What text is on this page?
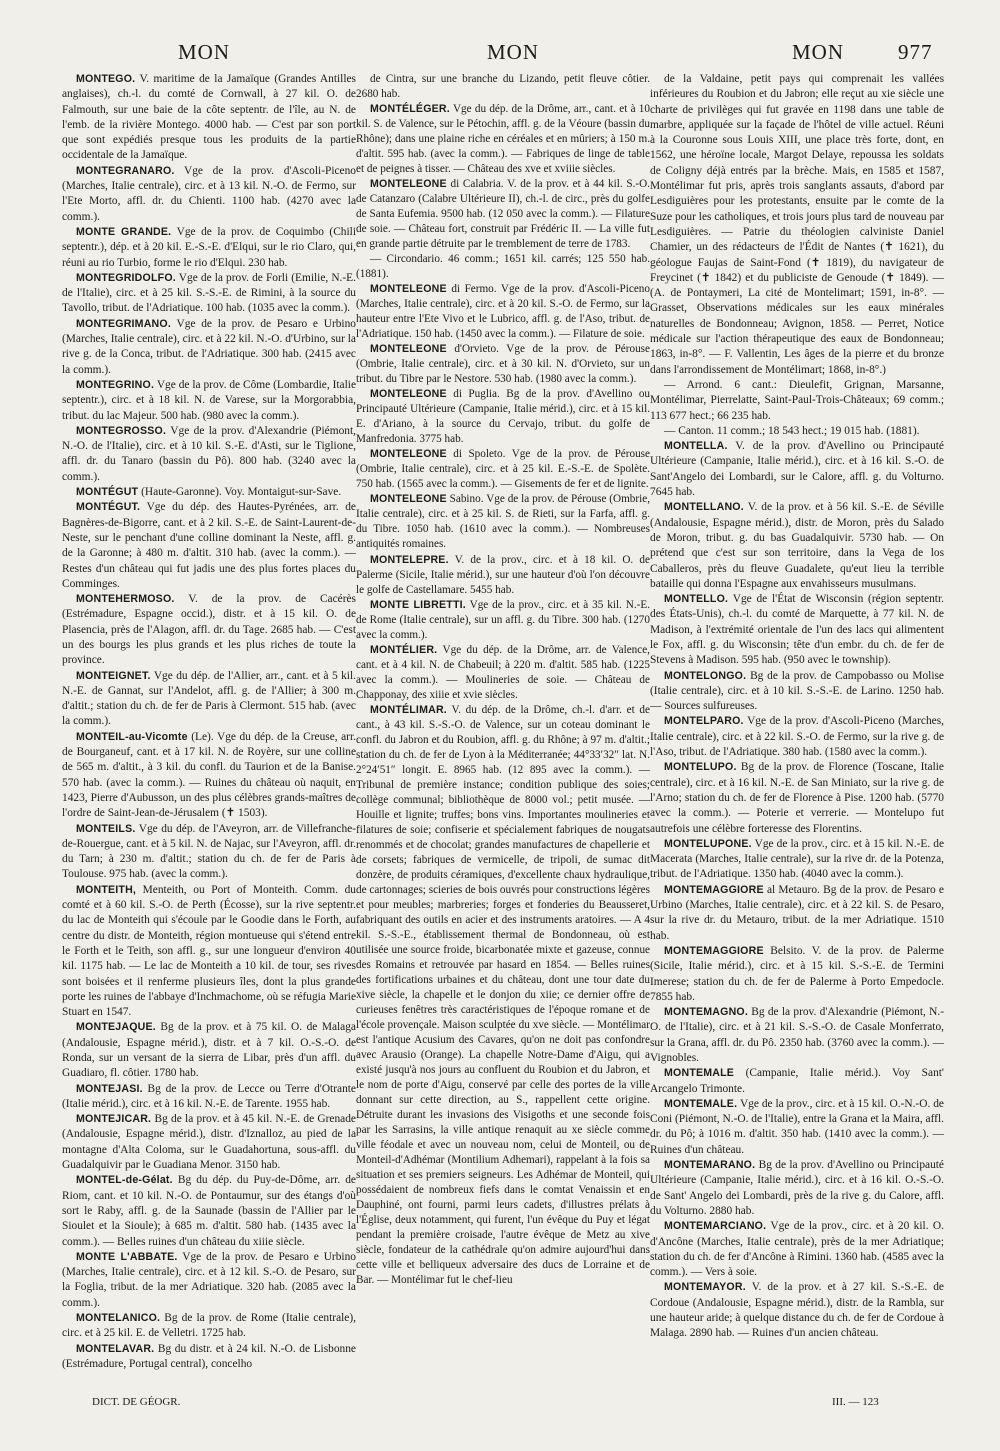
MON	MON	MON	977

MONTEGO. V. maritime de la Jamaïque (Grandes Antilles anglaises), ch.-l. du comté de Cornwall, à 27 kil. O. de Falmouth, sur une baie de la côte septentr. de l'île, au N. de l'emb. de la rivière Montego. 4000 hab. — C'est par son port que sont expédiés presque tous les produits de la partie occidentale de la Jamaïque.

MONTEGRANARO. Vge de la prov. d'Ascoli-Piceno (Marches, Italie centrale), circ. et à 13 kil. N.-O. de Fermo, sur l'Ete Morto, affl. dr. du Chienti. 1100 hab. (4270 avec la comm.).

MONTE GRANDE. Vge de la prov. de Coquimbo (Chili septentr.), dép. et à 20 kil. E.-S.-E. d'Elqui, sur le rio Claro, qui, réuni au rio Turbio, forme le rio d'Elqui. 230 hab.

MONTEGRIDOLFO. Vge de la prov. de Forli (Emilie, N.-E. de l'Italie), circ. et à 25 kil. S.-S.-E. de Rimini, à la source du Tavollo, tribut. de l'Adriatique. 100 hab. (1035 avec la comm.).

MONTEGRIMANO. Vge de la prov. de Pesaro e Urbino (Marches, Italie centrale), circ. et à 22 kil. N.-O. d'Urbino, sur la rive g. de la Conca, tribut. de l'Adriatique. 300 hab. (2415 avec la comm.).

MONTEGRINO. Vge de la prov. de Côme (Lombardie, Italie septentr.), circ. et à 18 kil. N. de Varese, sur la Morgorabbia, tribut. du lac Majeur. 500 hab. (980 avec la comm.).

MONTEGROSSO. Vge de la prov. d'Alexandrie (Piémont, N.-O. de l'Italie), circ. et à 10 kil. S.-E. d'Asti, sur le Tiglione, affl. dr. du Tanaro (bassin du Pô). 800 hab. (3240 avec la comm.).

MONTÉGUT (Haute-Garonne). Voy. Montaigut-sur-Save.

MONTÉGUT. Vge du dép. des Hautes-Pyrénées, arr. de Bagnères-de-Bigorre, cant. et à 2 kil. S.-E. de Saint-Laurent-de-Neste, sur le penchant d'une colline dominant la Neste, affl. g. de la Garonne; à 480 m. d'altit. 310 hab. (avec la comm.). — Restes d'un château qui fut jadis une des plus fortes places du Comminges.

MONTEHERMOSO. V. de la prov. de Cacérès (Estrémadure, Espagne occid.), distr. et à 15 kil. O. de Plasencia, près de l'Alagon, affl. dr. du Tage. 2685 hab. — C'est un des bourgs les plus grands et les plus riches de toute la province.

MONTEIGNET. Vge du dép. de l'Allier, arr., cant. et à 5 kil. N.-E. de Gannat, sur l'Andelot, affl. g. de l'Allier; à 300 m. d'altit.; station du ch. de fer de Paris à Clermont. 515 hab. (avec la comm.).

MONTEIL-au-Vicomte (Le). Vge du dép. de la Creuse, arr. de Bourganeuf, cant. et à 17 kil. N. de Royère, sur une colline de 565 m. d'altit., à 3 kil. du confl. du Taurion et de la Banise. 570 hab. (avec la comm.). — Ruines du château où naquit, en 1423, Pierre d'Aubusson, un des plus célèbres grands-maîtres de l'ordre de Saint-Jean-de-Jérusalem (✝ 1503).

MONTEILS. Vge du dép. de l'Aveyron, arr. de Villefranche-de-Rouergue, cant. et à 5 kil. N. de Najac, sur l'Aveyron, affl. dr. du Tarn; à 230 m. d'altit.; station du ch. de fer de Paris à Toulouse. 975 hab. (avec la comm.).

MONTEITH, Menteith, ou Port of Monteith. Comm. du comté et à 60 kil. S.-O. de Perth (Écosse), sur la rive septentr. du lac de Monteith qui s'écoule par le Goodie dans le Forth, au centre du distr. de Monteith, région montueuse qui s'étend entre le Forth et le Teith, son affl. g., sur une longueur d'environ 40 kil. 1175 hab. — Le lac de Monteith a 10 kil. de tour, ses rives sont boisées et il renferme plusieurs îles, dont la plus grande porte les ruines de l'abbaye d'Inchmachome, où se réfugia Marie Stuart en 1547.

MONTEJAQUE. Bg de la prov. et à 75 kil. O. de Malaga (Andalousie, Espagne mérid.), distr. et à 7 kil. O.-S.-O. de Ronda, sur un versant de la sierra de Libar, près d'un affl. du Guadiaro, fl. côtier. 1780 hab.

MONTEJASI. Bg de la prov. de Lecce ou Terre d'Otrante (Italie mérid.), circ. et à 16 kil. N.-E. de Tarente. 1955 hab.

MONTEJICAR. Bg de la prov. et à 45 kil. N.-E. de Grenade (Andalousie, Espagne mérid.), distr. d'Iznalloz, au pied de la montagne d'Alta Coloma, sur le Guadahortuna, sous-affl. du Guadalquivir par le Guadiana Menor. 3150 hab.

MONTEL-de-Gélat. Bg du dép. du Puy-de-Dôme, arr. de Riom, cant. et 10 kil. N.-O. de Pontaumur, sur des étangs d'où sort le Raby, affl. g. de la Saunade (bassin de l'Allier par le Sioulet et la Sioule); à 685 m. d'altit. 580 hab. (1435 avec la comm.). — Belles ruines d'un château du xiiie siècle.

MONTE L'ABBATE. Vge de la prov. de Pesaro e Urbino (Marches, Italie centrale), circ. et à 12 kil. S.-O. de Pesaro, sur la Foglia, tribut. de la mer Adriatique. 320 hab. (2085 avec la comm.).

MONTELANICO. Bg de la prov. de Rome (Italie centrale), circ. et à 25 kil. E. de Velletri. 1725 hab.

MONTELAVAR. Bg du distr. et à 24 kil. N.-O. de Lisbonne (Estrémadure, Portugal central), concelho

de Cintra, sur une branche du Lizando, petit fleuve côtier. 2680 hab.

MONTÉLÉGER. Vge du dép. de la Drôme, arr., cant. et à 10 kil. S. de Valence, sur le Pétochin, affl. g. de la Véoure (bassin du Rhône); dans une plaine riche en céréales et en mûriers; à 150 m. d'altit. 595 hab. (avec la comm.). — Fabriques de linge de table et de peignes à tisser. — Château des xve et xviiie siècles.

MONTELEONE di Calabria. V. de la prov. et à 44 kil. S.-O. de Catanzaro (Calabre Ultérieure II), ch.-l. de circ., près du golfe de Santa Eufemia. 9500 hab. (12 050 avec la comm.). — Filature de soie. — Château fort, construit par Frédéric II. — La ville fut en grande partie détruite par le tremblement de terre de 1783.

— Circondario. 46 comm.; 1651 kil. carrés; 125 550 hab. (1881).

MONTELEONE di Fermo. Vge de la prov. d'Ascoli-Piceno (Marches, Italie centrale), circ. et à 20 kil. S.-O. de Fermo, sur la hauteur entre l'Ete Vivo et le Lubrico, affl. g. de l'Aso, tribut. de l'Adriatique. 150 hab. (1450 avec la comm.). — Filature de soie.

MONTELEONE d'Orvieto. Vge de la prov. de Pérouse (Ombrie, Italie centrale), circ. et à 30 kil. N. d'Orvieto, sur un tribut. du Tibre par le Nestore. 530 hab. (1980 avec la comm.).

MONTELEONE di Puglia. Bg de la prov. d'Avellino ou Principauté Ultérieure (Campanie, Italie mérid.), circ. et à 15 kil. E. d'Ariano, à la source du Cervajo, tribut. du golfe de Manfredonia. 3775 hab.

MONTELEONE di Spoleto. Vge de la prov. de Pérouse (Ombrie, Italie centrale), circ. et à 25 kil. E.-S.-E. de Spolète. 750 hab. (1565 avec la comm.). — Gisements de fer et de lignite.

MONTELEONE Sabino. Vge de la prov. de Pérouse (Ombrie, Italie centrale), circ. et à 25 kil. S. de Rieti, sur la Farfa, affl. g. du Tibre. 1050 hab. (1610 avec la comm.). — Nombreuses antiquités romaines.

MONTELEPRE. V. de la prov., circ. et à 18 kil. O. de Palerme (Sicile, Italie mérid.), sur une hauteur d'où l'on découvre le golfe de Castellamare. 5455 hab.

MONTE LIBRETTI. Vge de la prov., circ. et à 35 kil. N.-E. de Rome (Italie centrale), sur un affl. g. du Tibre. 300 hab. (1270 avec la comm.).

MONTÉLIER. Vge du dép. de la Drôme, arr. de Valence, cant. et à 4 kil. N. de Chabeuil; à 220 m. d'altit. 585 hab. (1225 avec la comm.). — Moulineries de soie. — Château de Chapponay, des xiiie et xvie siècles.

MONTÉLIMAR. V. du dép. de la Drôme, ch.-l. d'arr. et de cant., à 43 kil. S.-S.-O. de Valence, sur un coteau dominant le confl. du Jabron et du Roubion, affl. g. du Rhône; à 97 m. d'altit.; station du ch. de fer de Lyon à la Méditerranée; 44°33′32″ lat. N. 2°24′51″ longit. E. 8965 hab. (12 895 avec la comm.). — Tribunal de première instance; condition publique des soies; collège communal; bibliothèque de 8000 vol.; petit musée. — Houille et lignite; truffes; bons vins. Importantes moulineries et filatures de soie; confiserie et spécialement fabriques de nougats renommés et de chocolat; grandes manufactures de chapellerie et de corsets; fabriques de vermicelle, de tripoli, de sumac dit donzère, de produits céramiques, d'excellente chaux hydraulique, de cartonnages; scieries de bois ouvrés pour constructions légères et pour meubles; marbreries; forges et fonderies du Beausseret, fabriquant des outils en acier et des instruments aratoires. — A 4 kil. S.-S.-E., établissement thermal de Bondonneau, où est utilisée une source froide, bicarbonatée mixte et gazeuse, connue des Romains et retrouvée par hasard en 1854. — Belles ruines des fortifications urbaines et du château, dont une tour date du xive siècle, la chapelle et le donjon du xiie; ce dernier offre de curieuses fenêtres très caractéristiques de l'époque romane et de l'école provençale. Maison sculptée du xve siècle. — Montélimar est l'antique Acusium des Cavares, qu'on ne doit pas confondre avec Arausio (Orange). La chapelle Notre-Dame d'Aigu, qui a existé jusqu'à nos jours au confluent du Roubion et du Jabron, et le nom de porte d'Aigu, conservé par celle des portes de la ville donnant sur cette direction, au S., rappellent cette origine. Détruite durant les invasions des Visigoths et une seconde fois par les Sarrasins, la ville antique renaquit au xe siècle comme ville féodale et avec un nouveau nom, celui de Monteil, ou de Monteil-d'Adhémar (Montilium Adhemari), rappelant à la fois sa situation et ses premiers seigneurs. Les Adhémar de Monteil, qui possédaient de nombreux fiefs dans le comtat Venaissin et en Dauphiné, ont fourni, parmi leurs cadets, d'illustres prélats à l'Église, deux notamment, qui furent, l'un évêque du Puy et légat pendant la première croisade, l'autre évêque de Metz au xive siècle, fondateur de la cathédrale qu'on admire aujourd'hui dans cette ville et belliqueux adversaire des ducs de Lorraine et de Bar. — Montélimar fut le chef-lieu

de la Valdaine, petit pays qui comprenait les vallées inférieures du Roubion et du Jabron; elle reçut au xie siècle une charte de privilèges qui fut gravée en 1198 dans une table de marbre, appliquée sur la façade de l'hôtel de ville actuel. Réuni à la Couronne sous Louis XIII, une place très forte, dont, en 1562, une héroïne locale, Margot Delaye, repoussa les soldats de Coligny déjà entrés par la brèche. Mais, en 1585 et 1587, Montélimar fut pris, après trois sanglants assauts, d'abord par Lesdiguières pour les protestants, ensuite par le comte de la Suze pour les catholiques, et trois jours plus tard de nouveau par Lesdiguières. — Patrie du théologien calviniste Daniel Chamier, un des rédacteurs de l'Édit de Nantes (✝ 1621), du géologue Faujas de Saint-Fond (✝ 1819), du navigateur de Freycinet (✝ 1842) et du publiciste de Genoude (✝ 1849). — (A. de Pontaymeri, La cité de Montelimart; 1591, in-8°. — Grasset, Observations médicales sur les eaux minérales naturelles de Bondonneau; Avignon, 1858. — Perret, Notice médicale sur l'action thérapeutique des eaux de Bondonneau; 1863, in-8°. — F. Vallentin, Les âges de la pierre et du bronze dans l'arrondissement de Montélimart; 1868, in-8°.)

— Arrond. 6 cant.: Dieulefit, Grignan, Marsanne, Montélimar, Pierrelatte, Saint-Paul-Trois-Châteaux; 69 comm.; 113 677 hect.; 66 235 hab.

— Canton. 11 comm.; 18 543 hect.; 19 015 hab. (1881).

MONTELLA. V. de la prov. d'Avellino ou Principauté Ultérieure (Campanie, Italie mérid.), circ. et à 16 kil. S.-O. de Sant'Angelo dei Lombardi, sur le Calore, affl. g. du Volturno. 7645 hab.

MONTELLANO. V. de la prov. et à 56 kil. S.-E. de Séville (Andalousie, Espagne mérid.), distr. de Moron, près du Salado de Moron, tribut. g. du bas Guadalquivir. 5730 hab. — On prétend que c'est sur son territoire, dans la Vega de los Caballeros, près du fleuve Guadalete, qu'eut lieu la terrible bataille qui donna l'Espagne aux envahisseurs musulmans.

MONTELLO. Vge de l'État de Wisconsin (région septentr. des États-Unis), ch.-l. du comté de Marquette, à 77 kil. N. de Madison, à l'extrémité orientale de l'un des lacs qui alimentent le Fox, affl. g. du Wisconsin; tête d'un embr. du ch. de fer de Stevens à Madison. 595 hab. (950 avec le township).

MONTELONGO. Bg de la prov. de Campobasso ou Molise (Italie centrale), circ. et à 10 kil. S.-S.-E. de Larino. 1250 hab. — Sources sulfureuses.

MONTELPARO. Vge de la prov. d'Ascoli-Piceno (Marches, Italie centrale), circ. et à 22 kil. S.-O. de Fermo, sur la rive g. de l'Aso, tribut. de l'Adriatique. 380 hab. (1580 avec la comm.).

MONTELUPO. Bg de la prov. de Florence (Toscane, Italie centrale), circ. et à 16 kil. N.-E. de San Miniato, sur la rive g. de l'Arno; station du ch. de fer de Florence à Pise. 1200 hab. (5770 avec la comm.). — Poterie et verrerie. — Montelupo fut autrefois une célèbre forteresse des Florentins.

MONTELUPONE. Vge de la prov., circ. et à 15 kil. N.-E. de Macerata (Marches, Italie centrale), sur la rive dr. de la Potenza, tribut. de l'Adriatique. 1350 hab. (4040 avec la comm.).

MONTEMAGGIORE al Metauro. Bg de la prov. de Pesaro e Urbino (Marches, Italie centrale), circ. et à 22 kil. S. de Pesaro, sur la rive dr. du Metauro, tribut. de la mer Adriatique. 1510 hab.

MONTEMAGGIORE Belsito. V. de la prov. de Palerme (Sicile, Italie mérid.), circ. et à 15 kil. S.-S.-E. de Termini Imerese; station du ch. de fer de Palerme à Porto Empedocle. 7855 hab.

MONTEMAGNO. Bg de la prov. d'Alexandrie (Piémont, N.-O. de l'Italie), circ. et à 21 kil. S.-S.-O. de Casale Monferrato, sur la Grana, affl. dr. du Pô. 2350 hab. (3760 avec la comm.). — Vignobles.

MONTEMALE (Campanie, Italie mérid.). Voy Sant' Arcangelo Trimonte.

MONTEMALE. Vge de la prov., circ. et à 15 kil. O.-N.-O. de Coni (Piémont, N.-O. de l'Italie), entre la Grana et la Maira, affl. dr. du Pô; à 1016 m. d'altit. 350 hab. (1410 avec la comm.). — Ruines d'un château.

MONTEMARANO. Bg de la prov. d'Avellino ou Principauté Ultérieure (Campanie, Italie mérid.), circ. et à 16 kil. O.-S.-O. de Sant' Angelo dei Lombardi, près de la rive g. du Calore, affl. du Volturno. 2880 hab.

MONTEMARCIANO. Vge de la prov., circ. et à 20 kil. O. d'Ancône (Marches, Italie centrale), près de la mer Adriatique; station du ch. de fer d'Ancône à Rimini. 1360 hab. (4585 avec la comm.). — Vers à soie.

MONTEMAYOR. V. de la prov. et à 27 kil. S.-S.-E. de Cordoue (Andalousie, Espagne mérid.), distr. de la Rambla, sur une hauteur aride; à quelque distance du ch. de fer de Cordoue à Malaga. 2890 hab. — Ruines d'un ancien château.

DICT. DE GÉOGR.	III. — 123
